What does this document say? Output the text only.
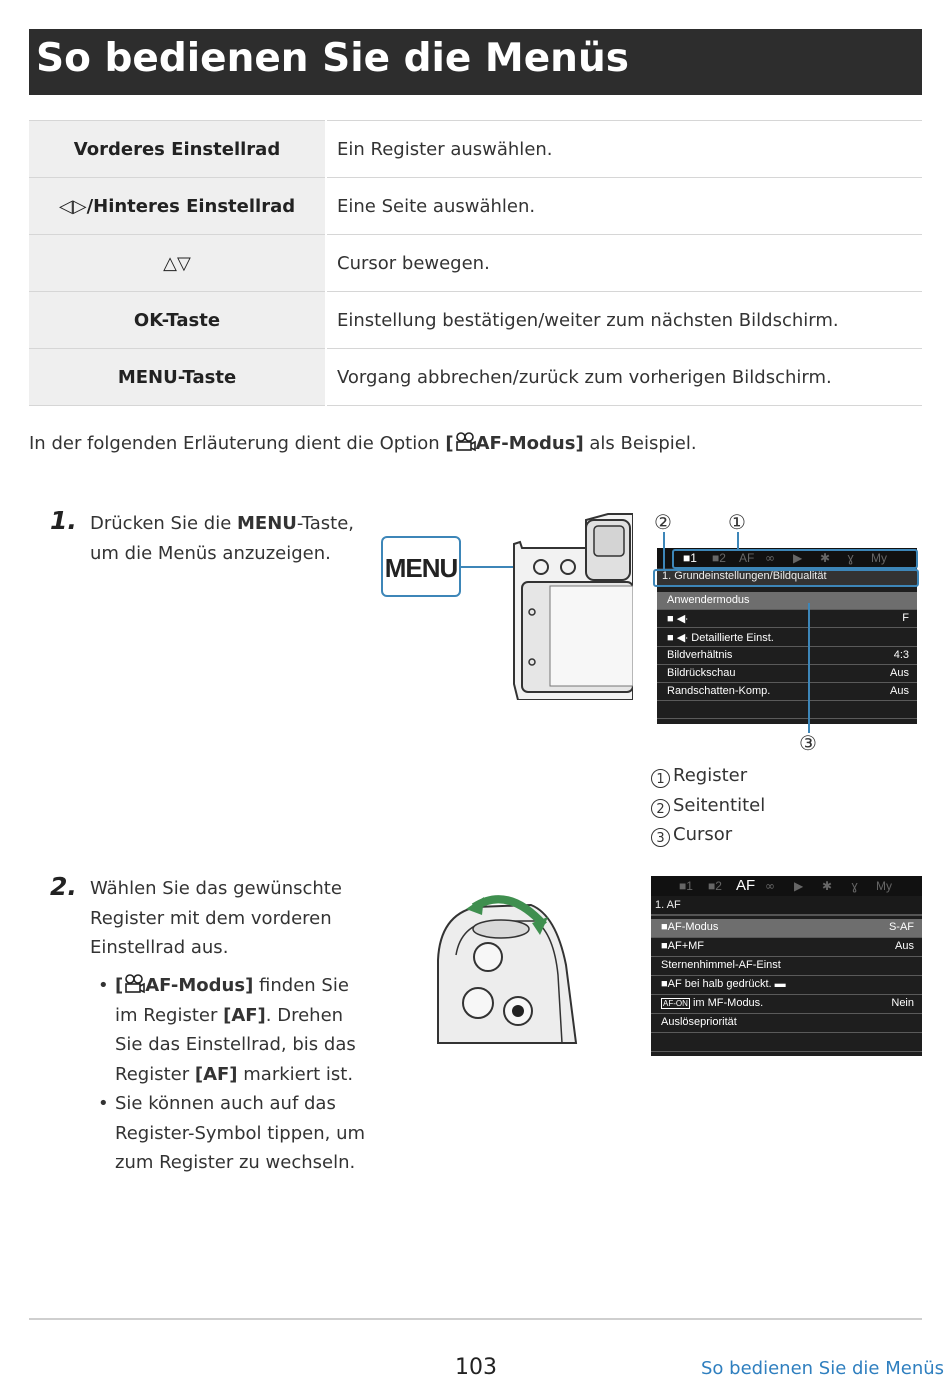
So bedienen Sie die Menüs
Vorderes Einstellrad	Ein Register auswählen.
◁▷/Hinteres Einstellrad	Eine Seite auswählen.
△▽	Cursor bewegen.
OK-Taste	Einstellung bestätigen/weiter zum nächsten Bildschirm.
MENU-Taste	Vorgang abbrechen/zurück zum vorherigen Bildschirm.
In der folgenden Erläuterung dient die Option [ AF-Modus] als Beispiel.
1. Drücken Sie die MENU-Taste,
um die Menüs anzuzeigen.	MENU	■1 ■2 AF ∞ ▶ ✱ ɣ My
1. Grundeinstellungen/Bildqualität
Anwendermodus
■ ◀∙	F
■ ◀∙ Detaillierte Einst.
Bildverhältnis	4:3
Bildrückschau	Aus
Randschatten-Komp.	Aus
②	①
③
1 Register
2 Seitentitel
3 Cursor
2. Wählen Sie das gewünschte
Register mit dem vorderen
Einstellrad aus.
• [ AF-Modus] finden Sie
im Register [AF]. Drehen
Sie das Einstellrad, bis das
Register [AF] markiert ist.
• Sie können auch auf das
Register-Symbol tippen, um
zum Register zu wechseln.
■1 ■2 AF ∞ ▶ ✱ ɣ My
1. AF
■AF-Modus	S-AF
■AF+MF	Aus
Sternenhimmel-AF-Einst
■AF bei halb gedrückt. ▬
AF-ON im MF-Modus.	Nein
Auslösepriorität
103	So bedienen Sie die Menüs
